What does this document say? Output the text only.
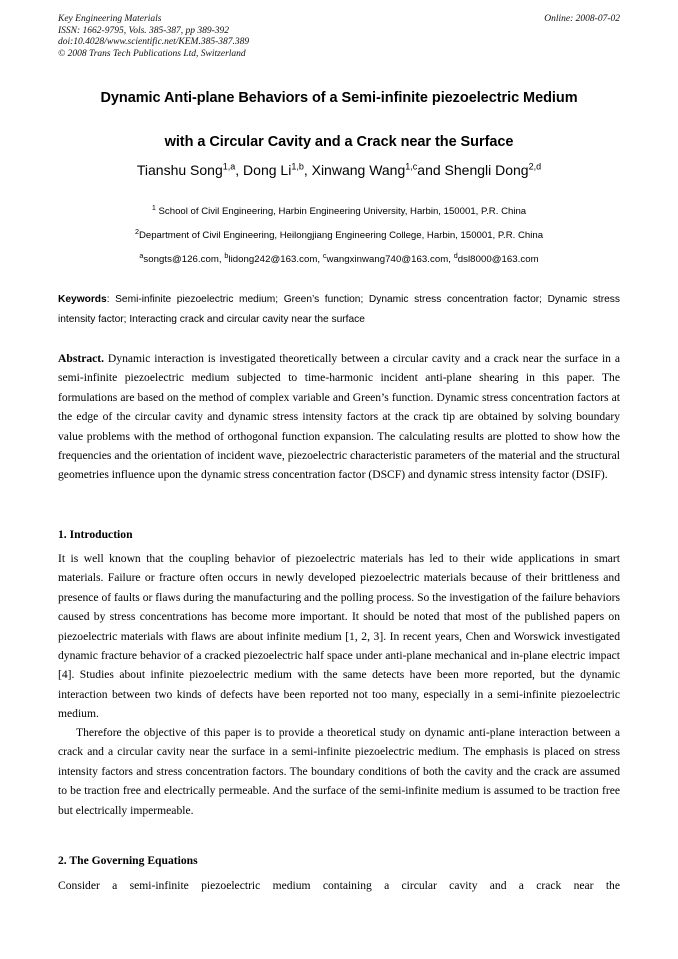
Key Engineering Materials	Online: 2008-07-02
ISSN: 1662-9795, Vols. 385-387, pp 389-392
doi:10.4028/www.scientific.net/KEM.385-387.389
© 2008 Trans Tech Publications Ltd, Switzerland
Dynamic Anti-plane Behaviors of a Semi-infinite piezoelectric Medium
with a Circular Cavity and a Crack near the Surface
Tianshu Song$^{1,a}$, Dong Li$^{1,b}$, Xinwang Wang$^{1,c}$and Shengli Dong$^{2,d}$
$^1$ School of Civil Engineering, Harbin Engineering University, Harbin, 150001, P.R. China
$^2$Department of Civil Engineering, Heilongjiang Engineering College, Harbin, 150001, P.R. China
$^a$songts@126.com, $^b$lidong242@163.com, $^c$wangxinwang740@163.com, $^d$dsl8000@163.com
Keywords: Semi-infinite piezoelectric medium; Green’s function; Dynamic stress concentration factor; Dynamic stress intensity factor; Interacting crack and circular cavity near the surface
Abstract. Dynamic interaction is investigated theoretically between a circular cavity and a crack near the surface in a semi-infinite piezoelectric medium subjected to time-harmonic incident anti-plane shearing in this paper. The formulations are based on the method of complex variable and Green’s function. Dynamic stress concentration factors at the edge of the circular cavity and dynamic stress intensity factors at the crack tip are obtained by solving boundary value problems with the method of orthogonal function expansion. The calculating results are plotted to show how the frequencies and the orientation of incident wave, piezoelectric characteristic parameters of the material and the structural geometries influence upon the dynamic stress concentration factor (DSCF) and dynamic stress intensity factor (DSIF).
1. Introduction
It is well known that the coupling behavior of piezoelectric materials has led to their wide applications in smart materials. Failure or fracture often occurs in newly developed piezoelectric materials because of their brittleness and presence of faults or flaws during the manufacturing and the polling process. So the investigation of the failure behaviors caused by stress concentrations has become more important. It should be noted that most of the published papers on piezoelectric materials with flaws are about infinite medium [1, 2, 3]. In recent years, Chen and Worswick investigated dynamic fracture behavior of a cracked piezoelectric half space under anti-plane mechanical and in-plane electric impact [4]. Studies about infinite piezoelectric medium with the same detects have been more reported, but the dynamic interaction between two kinds of defects have been reported not too many, especially in a semi-infinite piezoelectric medium.
Therefore the objective of this paper is to provide a theoretical study on dynamic anti-plane interaction between a crack and a circular cavity near the surface in a semi-infinite piezoelectric medium. The emphasis is placed on stress intensity factors and stress concentration factors. The boundary conditions of both the cavity and the crack are assumed to be traction free and electrically permeable. And the surface of the semi-infinite medium is assumed to be traction free but electrically impermeable.
2. The Governing Equations
Consider a semi-infinite piezoelectric medium containing a circular cavity and a crack near the
